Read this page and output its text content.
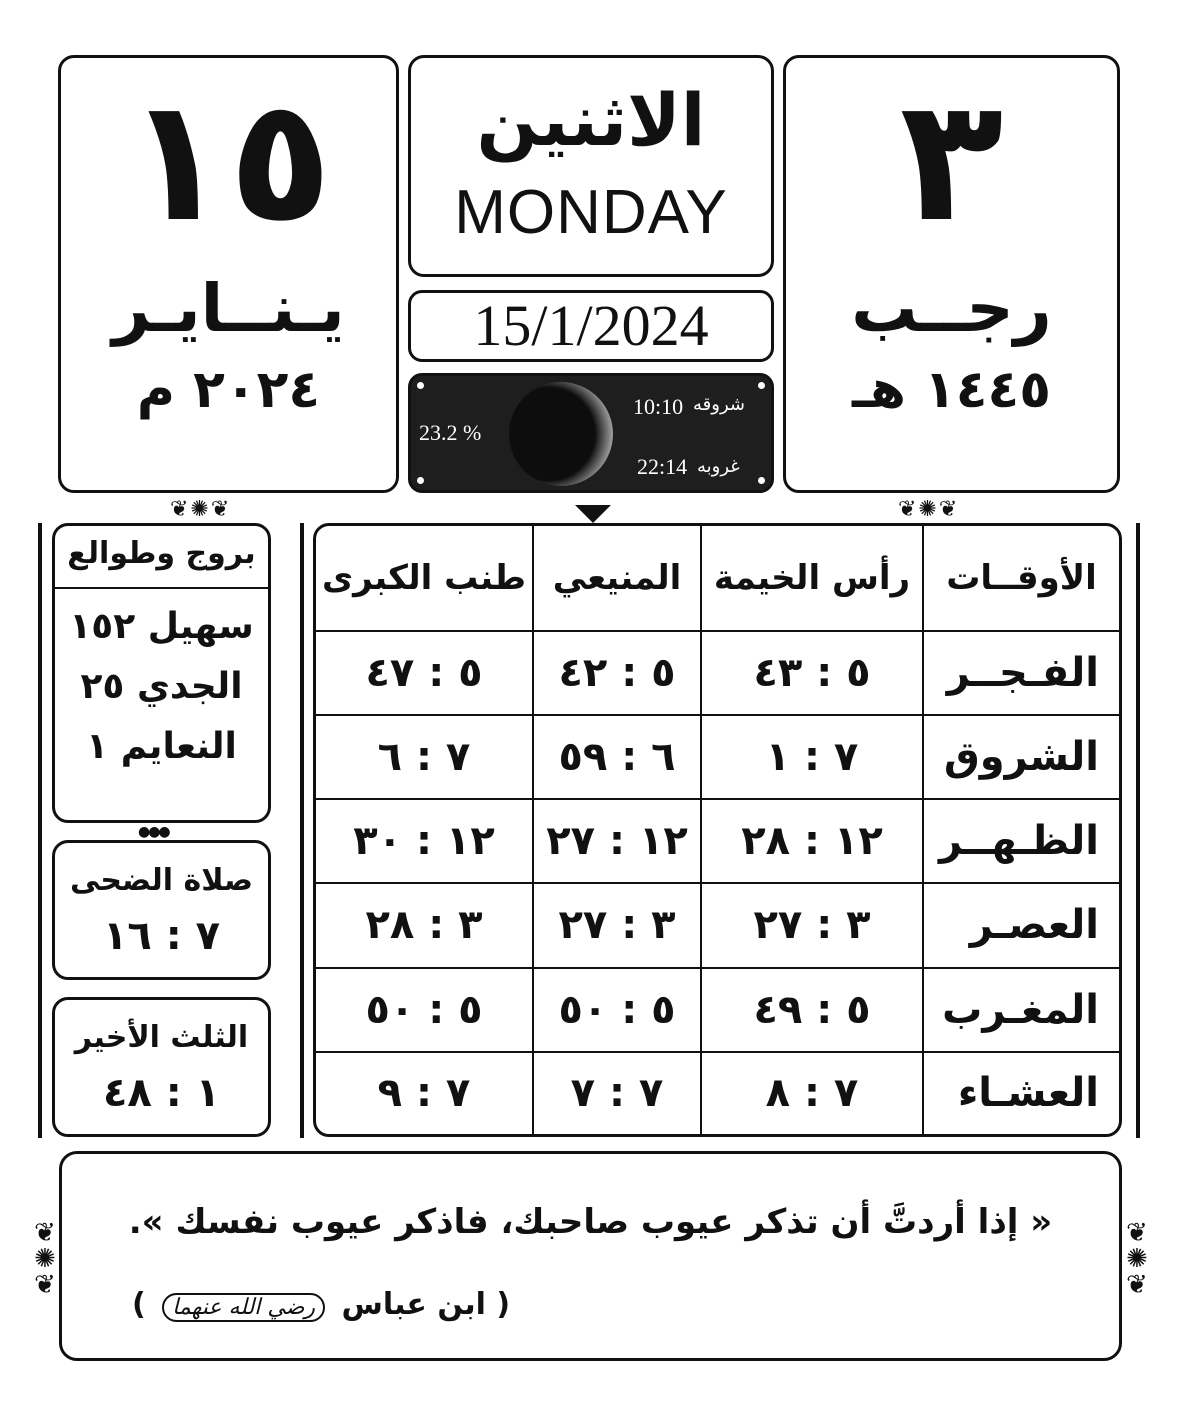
١٥
يـنــايـر
٢٠٢٤ م
الاثنين
MONDAY
15/1/2024
23.2 %
10:10 شروقه
22:14 غروبه
٣
رجــب
١٤٤٥ هـ
❦✺❦	❦✺❦
بروج وطوالع
سهيل ١٥٢
الجدي ٢٥
النعايم ١
●●●
صلاة الضحى
٧ : ١٦
الثلث الأخير
١ : ٤٨
الأوقــات	رأس الخيمة	المنيعي	طنب الكبرى
الفـجــر	٥ : ٤٣	٥ : ٤٢	٥ : ٤٧
الشروق	٧ : ١	٦ : ٥٩	٧ : ٦
الظـهــر	١٢ : ٢٨	١٢ : ٢٧	١٢ : ٣٠
العصـر	٣ : ٢٧	٣ : ٢٧	٣ : ٢٨
المغـرب	٥ : ٤٩	٥ : ٥٠	٥ : ٥٠
العشـاء	٧ : ٨	٧ : ٧	٧ : ٩
❦
✺
❦
❦
✺
❦
« إذا أردتَّ أن تذكر عيوب صاحبك، فاذكر عيوب نفسك ».
( ابن عباس رضي الله عنهما )
